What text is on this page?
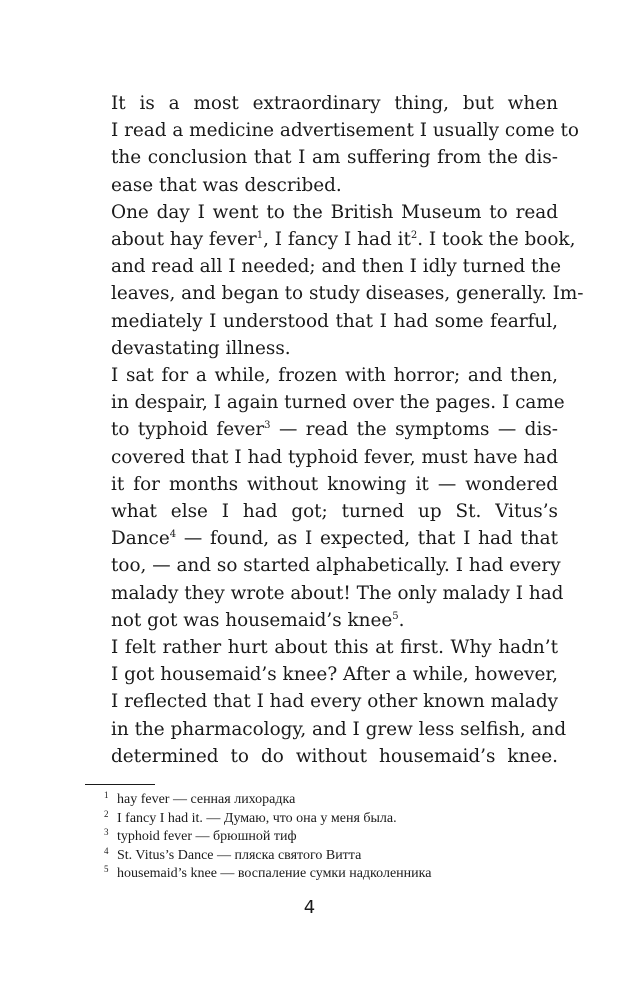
It is a most extraordinary thing, but when
I read a medicine advertisement I usually come to
the conclusion that I am suffering from the dis-
ease that was described.

One day I went to the British Museum to read
about hay fever$^1$, I fancy I had it$^2$. I took the book,
and read all I needed; and then I idly turned the
leaves, and began to study diseases, generally. Im-
mediately I understood that I had some fearful,
devastating illness.

I sat for a while, frozen with horror; and then,
in despair, I again turned over the pages. I came
to typhoid fever$^3$ — read the symptoms — dis-
covered that I had typhoid fever, must have had
it for months without knowing it — wondered
what else I had got; turned up St. Vitus’s
Dance$^4$ — found, as I expected, that I had that
too, — and so started alphabetically. I had every
malady they wrote about! The only malady I had
not got was housemaid’s knee$^5$.

I felt rather hurt about this at first. Why hadn’t
I got housemaid’s knee? After a while, however,
I reflected that I had every other known malady
in the pharmacology, and I grew less selfish, and
determined to do without housemaid’s knee.

$^1$ hay fever — сенная лихорадка
$^2$ I fancy I had it. — Думаю, что она у меня была.
$^3$ typhoid fever — брюшной тиф
$^4$ St. Vitus’s Dance — пляска святого Витта
$^5$ housemaid’s knee — воспаление сумки надколенника
4
